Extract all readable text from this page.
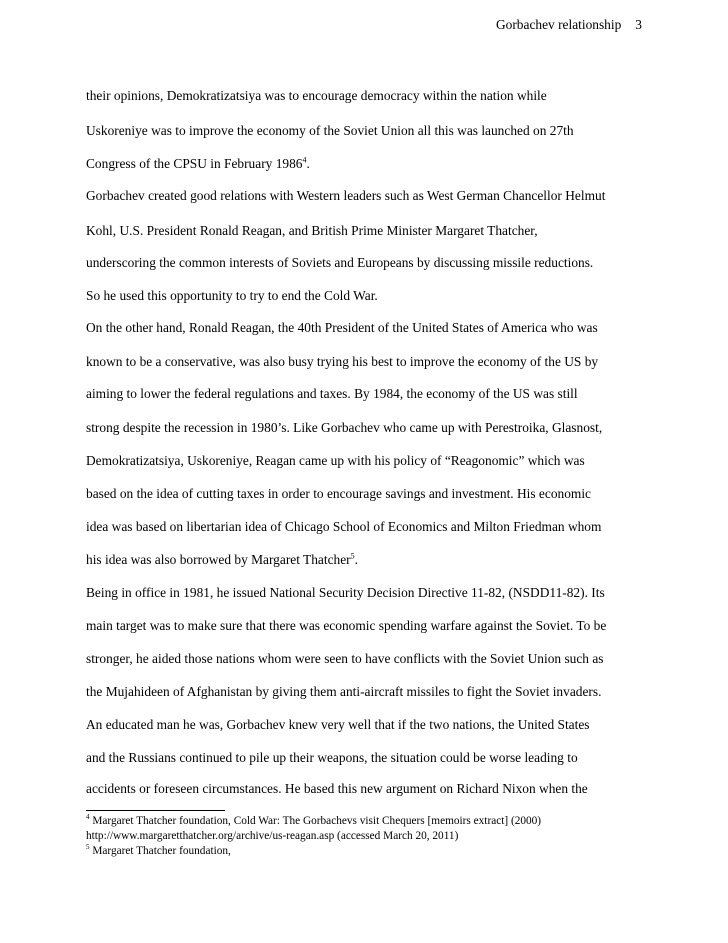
Gorbachev relationship 3
their opinions, Demokratizatsiya was to encourage democracy within the nation while
Uskoreniye was to improve the economy of the Soviet Union all this was launched on 27th
Congress of the CPSU in February 1986$^4$.
Gorbachev created good relations with Western leaders such as West German Chancellor Helmut
Kohl, U.S. President Ronald Reagan, and British Prime Minister Margaret Thatcher,
underscoring the common interests of Soviets and Europeans by discussing missile reductions.
So he used this opportunity to try to end the Cold War.
On the other hand, Ronald Reagan, the 40th President of the United States of America who was
known to be a conservative, was also busy trying his best to improve the economy of the US by
aiming to lower the federal regulations and taxes. By 1984, the economy of the US was still
strong despite the recession in 1980’s. Like Gorbachev who came up with Perestroika, Glasnost,
Demokratizatsiya, Uskoreniye, Reagan came up with his policy of “Reagonomic” which was
based on the idea of cutting taxes in order to encourage savings and investment. His economic
idea was based on libertarian idea of Chicago School of Economics and Milton Friedman whom
his idea was also borrowed by Margaret Thatcher$^5$.
Being in office in 1981, he issued National Security Decision Directive 11-82, (NSDD11-82). Its
main target was to make sure that there was economic spending warfare against the Soviet. To be
stronger, he aided those nations whom were seen to have conflicts with the Soviet Union such as
the Mujahideen of Afghanistan by giving them anti-aircraft missiles to fight the Soviet invaders.
An educated man he was, Gorbachev knew very well that if the two nations, the United States
and the Russians continued to pile up their weapons, the situation could be worse leading to
accidents or foreseen circumstances. He based this new argument on Richard Nixon when the
$^4$ Margaret Thatcher foundation, Cold War: The Gorbachevs visit Chequers [memoirs extract] (2000)
http://www.margaretthatcher.org/archive/us-reagan.asp (accessed March 20, 2011)
$^5$ Margaret Thatcher foundation,
